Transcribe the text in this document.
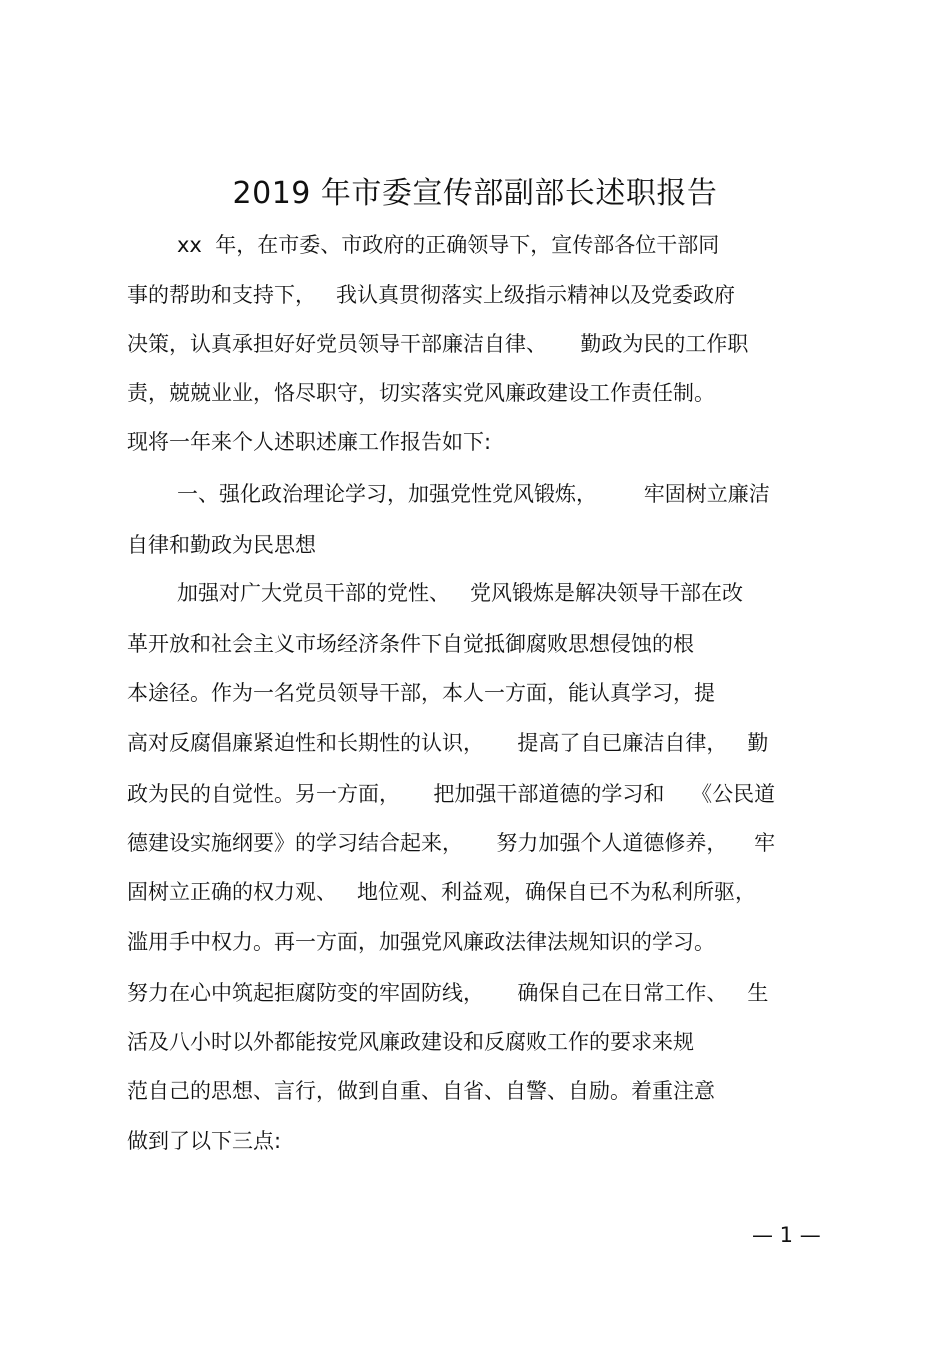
2019 年市委宣传部副部长述职报告
xx  年，在市委、市政府的正确领导下，宣传部各位干部同
事的帮助和支持下，   我认真贯彻落实上级指示精神以及党委政府
决策，认真承担好好党员领导干部廉洁自律、     勤政为民的工作职
责，兢兢业业，恪尽职守，切实落实党风廉政建设工作责任制。
现将一年来个人述职述廉工作报告如下:
一、强化政治理论学习，加强党性党风锻炼，       牢固树立廉洁
自律和勤政为民思想
加强对广大党员干部的党性、   党风锻炼是解决领导干部在改
革开放和社会主义市场经济条件下自觉抵御腐败思想侵蚀的根
本途径。作为一名党员领导干部，本人一方面，能认真学习，提
高对反腐倡廉紧迫性和长期性的认识，     提高了自已廉洁自律，   勤
政为民的自觉性。另一方面，     把加强干部道德的学习和    《公民道
德建设实施纲要》的学习结合起来，     努力加强个人道德修养，    牢
固树立正确的权力观、   地位观、利益观，确保自已不为私利所驱，
滥用手中权力。再一方面，加强党风廉政法律法规知识的学习。
努力在心中筑起拒腐防变的牢固防线，     确保自己在日常工作、   生
活及八小时以外都能按党风廉政建设和反腐败工作的要求来规
范自己的思想、言行，做到自重、自省、自警、自励。着重注意
做到了以下三点:
— 1 —
